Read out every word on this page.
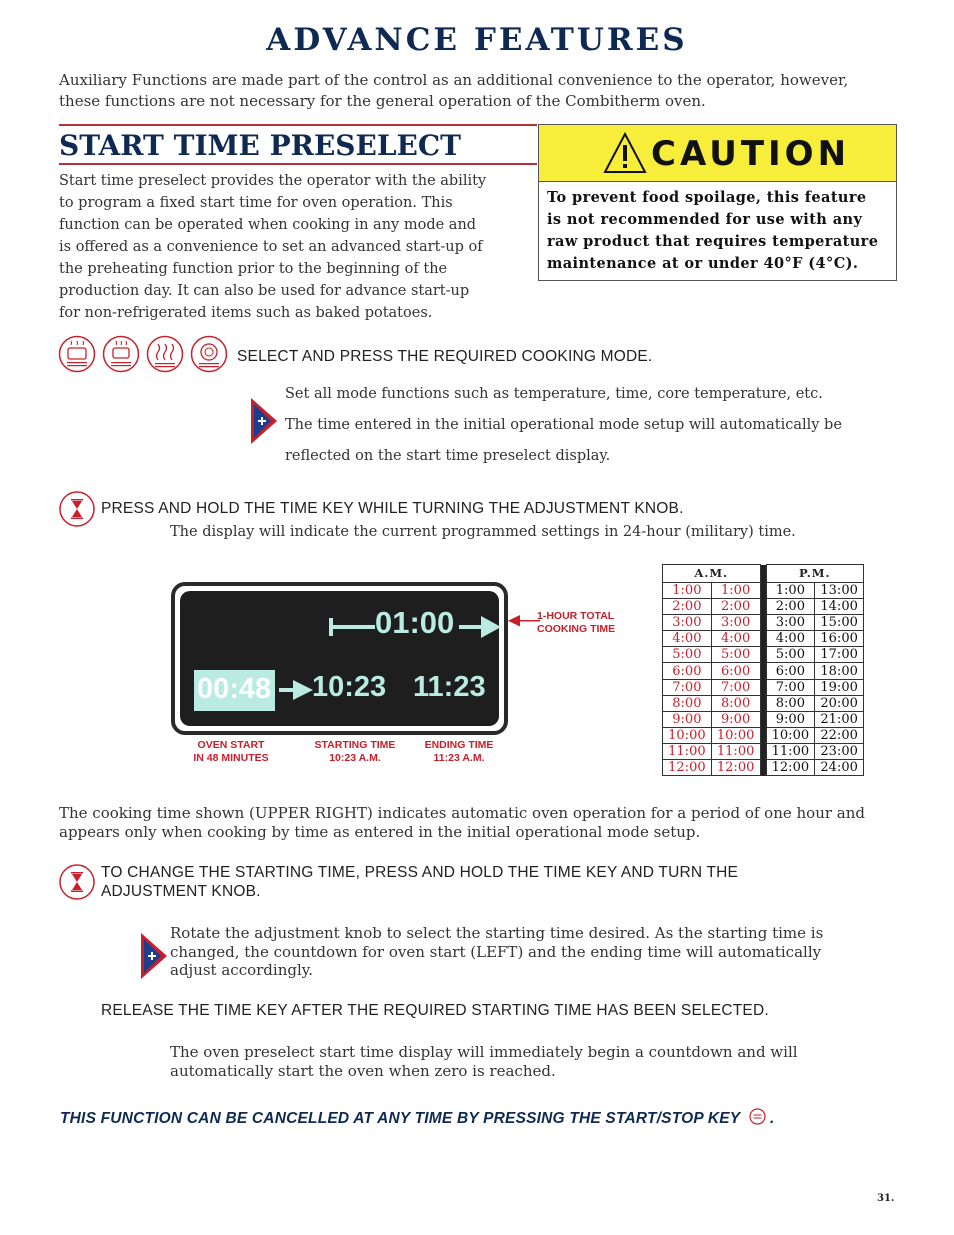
ADVANCE FEATURES
Auxiliary Functions are made part of the control as an additional convenience to the operator, however, these functions are not necessary for the general operation of the Combitherm oven.
START TIME PRESELECT
Start time preselect provides the operator with the ability
to program a fixed start time for oven operation. This
function can be operated when cooking in any mode and
is offered as a convenience to set an advanced start-up of
the preheating function prior to the beginning of the
production day. It can also be used for advance start-up
for non-refrigerated items such as baked potatoes.
CAUTION
To prevent food spoilage, this feature
is not recommended for use with any
raw product that requires temperature
maintenance at or under 40°F (4°C).
SELECT AND PRESS THE REQUIRED COOKING MODE.
Set all mode functions such as temperature, time, core temperature, etc.
The time entered in the initial operational mode setup will automatically be
reflected on the start time preselect display.
PRESS AND HOLD THE TIME KEY WHILE TURNING THE ADJUSTMENT KNOB.
The display will indicate the current programmed settings in 24-hour (military) time.
01:00
00:48 10:23 11:23
1-HOUR TOTAL
COOKING TIME
OVEN START
IN 48 MINUTES
STARTING TIME
10:23 A.M.
ENDING TIME
11:23 A.M.
A.M.			P.M.	
1:00	1:00		1:00	13:00
2:00	2:00		2:00	14:00
3:00	3:00		3:00	15:00
4:00	4:00		4:00	16:00
5:00	5:00		5:00	17:00
6:00	6:00		6:00	18:00
7:00	7:00		7:00	19:00
8:00	8:00		8:00	20:00
9:00	9:00		9:00	21:00
10:00	10:00		10:00	22:00
11:00	11:00		11:00	23:00
12:00	12:00		12:00	24:00
The cooking time shown (UPPER RIGHT) indicates automatic oven operation for a period of one hour and
appears only when cooking by time as entered in the initial operational mode setup.
TO CHANGE THE STARTING TIME, PRESS AND HOLD THE TIME KEY AND TURN THE
ADJUSTMENT KNOB.
Rotate the adjustment knob to select the starting time desired. As the starting time is
changed, the countdown for oven start (LEFT) and the ending time will automatically
adjust accordingly.
RELEASE THE TIME KEY AFTER THE REQUIRED STARTING TIME HAS BEEN SELECTED.
The oven preselect start time display will immediately begin a countdown and will
automatically start the oven when zero is reached.
THIS FUNCTION CAN BE CANCELLED AT ANY TIME BY PRESSING THE START/STOP KEY .
31.
